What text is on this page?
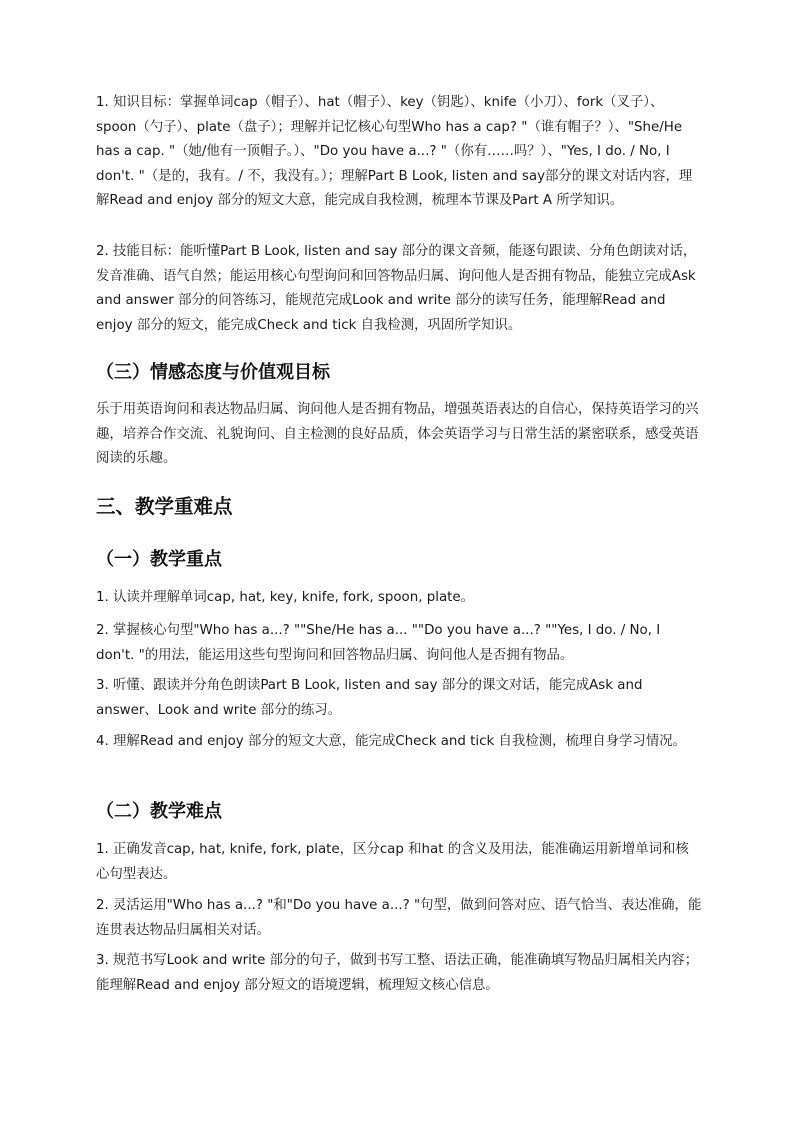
1. 知识目标：掌握单词cap（帽子）、hat（帽子）、key（钥匙）、knife（小刀）、fork（叉子）、spoon（勺子）、plate（盘子）；理解并记忆核心句型Who has a cap? "（谁有帽子？）、"She/He has a cap. "（她/他有一顶帽子。）、"Do you have a...? "（你有……吗？）、"Yes, I do. / No, I don't. "（是的，我有。/ 不，我没有。）；理解Part B Look, listen and say部分的课文对话内容，理解Read and enjoy 部分的短文大意，能完成自我检测，梳理本节课及Part A 所学知识。

2. 技能目标：能听懂Part B Look, listen and say 部分的课文音频，能逐句跟读、分角色朗读对话，发音准确、语气自然；能运用核心句型询问和回答物品归属、询问他人是否拥有物品，能独立完成Ask and answer 部分的问答练习，能规范完成Look and write 部分的读写任务，能理解Read and enjoy 部分的短文，能完成Check and tick 自我检测，巩固所学知识。

（三）情感态度与价值观目标

乐于用英语询问和表达物品归属、询问他人是否拥有物品，增强英语表达的自信心，保持英语学习的兴趣，培养合作交流、礼貌询问、自主检测的良好品质，体会英语学习与日常生活的紧密联系，感受英语阅读的乐趣。

三、教学重难点
（一）教学重点

1. 认读并理解单词cap, hat, key, knife, fork, spoon, plate。

2. 掌握核心句型"Who has a...? ""She/He has a... ""Do you have a...? ""Yes, I do. / No, I don't. "的用法，能运用这些句型询问和回答物品归属、询问他人是否拥有物品。

3. 听懂、跟读并分角色朗读Part B Look, listen and say 部分的课文对话，能完成Ask and answer、Look and write 部分的练习。

4. 理解Read and enjoy 部分的短文大意，能完成Check and tick 自我检测，梳理自身学习情况。

（二）教学难点

1. 正确发音cap, hat, knife, fork, plate，区分cap 和hat 的含义及用法，能准确运用新增单词和核心句型表达。

2. 灵活运用"Who has a...? "和"Do you have a...? "句型，做到问答对应、语气恰当、表达准确，能连贯表达物品归属相关对话。

3. 规范书写Look and write 部分的句子，做到书写工整、语法正确，能准确填写物品归属相关内容；能理解Read and enjoy 部分短文的语境逻辑，梳理短文核心信息。
